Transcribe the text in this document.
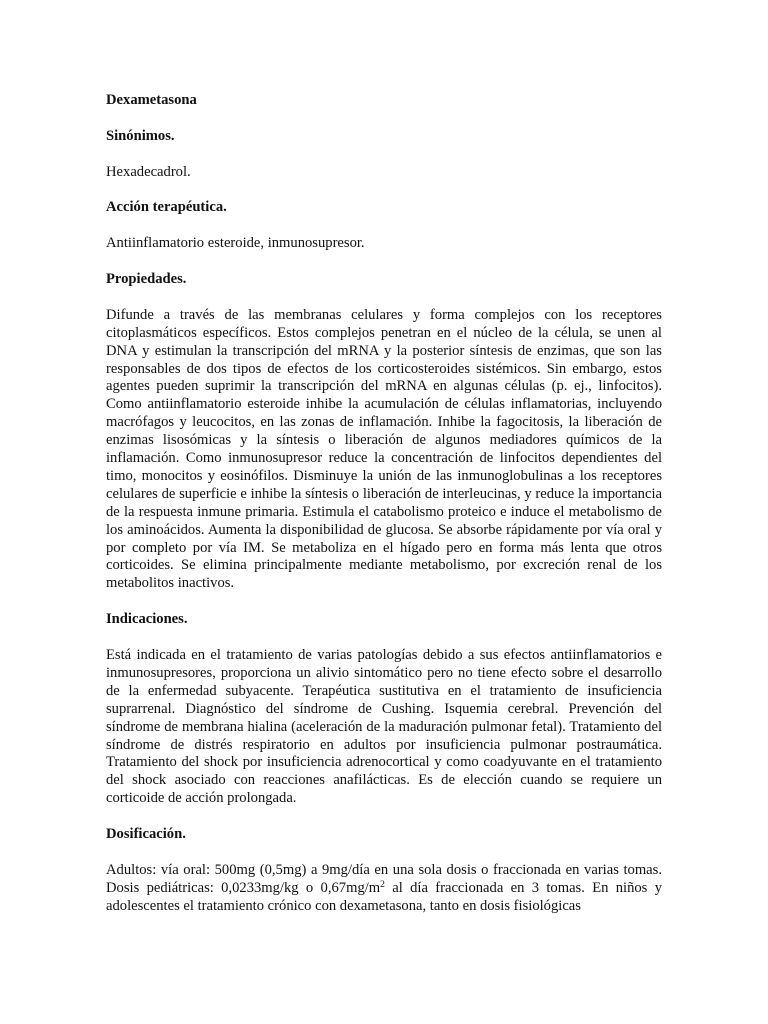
Dexametasona
Sinónimos.

Hexadecadrol.

Acción terapéutica.

Antiinflamatorio esteroide, inmunosupresor.

Propiedades.

Difunde a través de las membranas celulares y forma complejos con los receptores citoplasmáticos específicos. Estos complejos penetran en el núcleo de la célula, se unen al DNA y estimulan la transcripción del mRNA y la posterior síntesis de enzimas, que son las responsables de dos tipos de efectos de los corticosteroides sistémicos. Sin embargo, estos agentes pueden suprimir la transcripción del mRNA en algunas células (p. ej., linfocitos). Como antiinflamatorio esteroide inhibe la acumulación de células inflamatorias, incluyendo macrófagos y leucocitos, en las zonas de inflamación. Inhibe la fagocitosis, la liberación de enzimas lisosómicas y la síntesis o liberación de algunos mediadores químicos de la inflamación. Como inmunosupresor reduce la concentración de linfocitos dependientes del timo, monocitos y eosinófilos. Disminuye la unión de las inmunoglobulinas a los receptores celulares de superficie e inhibe la síntesis o liberación de interleucinas, y reduce la importancia de la respuesta inmune primaria. Estimula el catabolismo proteico e induce el metabolismo de los aminoácidos. Aumenta la disponibilidad de glucosa. Se absorbe rápidamente por vía oral y por completo por vía IM. Se metaboliza en el hígado pero en forma más lenta que otros corticoides. Se elimina principalmente mediante metabolismo, por excreción renal de los metabolitos inactivos.

Indicaciones.

Está indicada en el tratamiento de varias patologías debido a sus efectos antiinflamatorios e inmunosupresores, proporciona un alivio sintomático pero no tiene efecto sobre el desarrollo de la enfermedad subyacente. Terapéutica sustitutiva en el tratamiento de insuficiencia suprarrenal. Diagnóstico del síndrome de Cushing. Isquemia cerebral. Prevención del síndrome de membrana hialina (aceleración de la maduración pulmonar fetal). Tratamiento del síndrome de distrés respiratorio en adultos por insuficiencia pulmonar postraumática. Tratamiento del shock por insuficiencia adrenocortical y como coadyuvante en el tratamiento del shock asociado con reacciones anafilácticas. Es de elección cuando se requiere un corticoide de acción prolongada.

Dosificación.

Adultos: vía oral: 500mg (0,5mg) a 9mg/día en una sola dosis o fraccionada en varias tomas. Dosis pediátricas: 0,0233mg/kg o $0,67mg/m^2$ al día fraccionada en 3 tomas. En niños y adolescentes el tratamiento crónico con dexametasona, tanto en dosis fisiológicas
